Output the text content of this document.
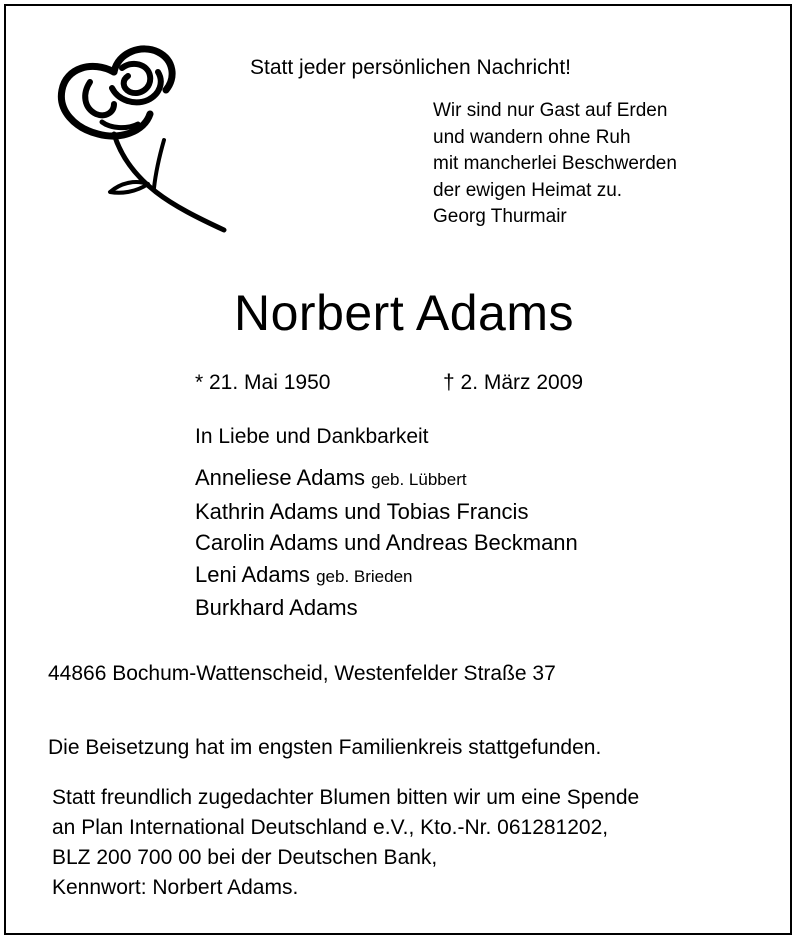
Statt jeder persönlichen Nachricht!
Wir sind nur Gast auf Erden
und wandern ohne Ruh
mit mancherlei Beschwerden
der ewigen Heimat zu.
Georg Thurmair
Norbert Adams
* 21. Mai 1950	† 2. März 2009
In Liebe und Dankbarkeit
Anneliese Adams geb. Lübbert
Kathrin Adams und Tobias Francis
Carolin Adams und Andreas Beckmann
Leni Adams geb. Brieden
Burkhard Adams
44866 Bochum-Wattenscheid, Westenfelder Straße 37
Die Beisetzung hat im engsten Familienkreis stattgefunden.
Statt freundlich zugedachter Blumen bitten wir um eine Spende
an Plan International Deutschland e.V., Kto.-Nr. 061281202,
BLZ 200 700 00 bei der Deutschen Bank,
Kennwort: Norbert Adams.
